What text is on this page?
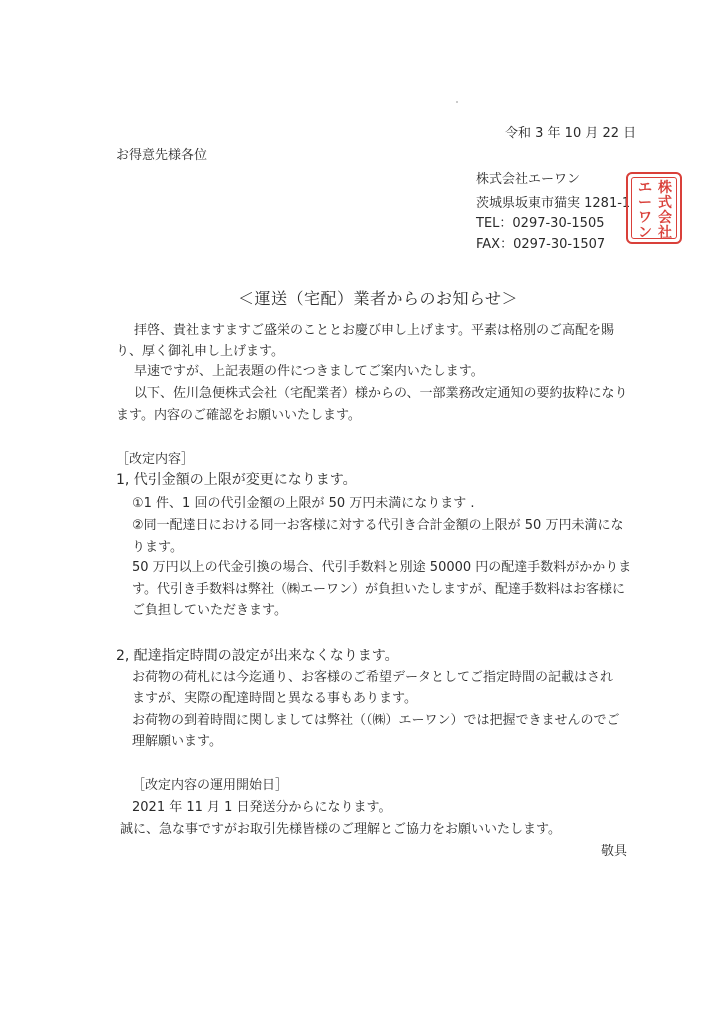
令和 3 年 10 月 22 日
お得意先様各位
株式会社エーワン
茨城県坂東市猫実 1281-1
TEL：0297-30-1505
FAX：0297-30-1507
株
式
会
社
エ
ー
ワ
ン
＜運送（宅配）業者からのお知らせ＞
拝啓、貴社ますますご盛栄のこととお慶び申し上げます。平素は格別のご高配を賜
り、厚く御礼申し上げます。
早速ですが、上記表題の件につきましてご案内いたします。
以下、佐川急便株式会社（宅配業者）様からの、一部業務改定通知の要約抜粋になり
ます。内容のご確認をお願いいたします。
［改定内容］
1, 代引金額の上限が変更になります。
①1 件、1 回の代引金額の上限が 50 万円未満になります .
②同一配達日における同一お客様に対する代引き合計金額の上限が 50 万円未満にな
ります。
50 万円以上の代金引換の場合、代引手数料と別途 50000 円の配達手数料がかかりま
す。代引き手数料は弊社（㈱エーワン）が負担いたしますが、配達手数料はお客様に
ご負担していただきます。
2, 配達指定時間の設定が出来なくなります。
お荷物の荷札には今迄通り、お客様のご希望データとしてご指定時間の記載はされ
ますが、実際の配達時間と異なる事もあります。
お荷物の到着時間に関しましては弊社（（㈱）エーワン）では把握できませんのでご
理解願います。
［改定内容の運用開始日］
2021 年 11 月 1 日発送分からになります。
誠に、急な事ですがお取引先様皆様のご理解とご協力をお願いいたします。
敬具
